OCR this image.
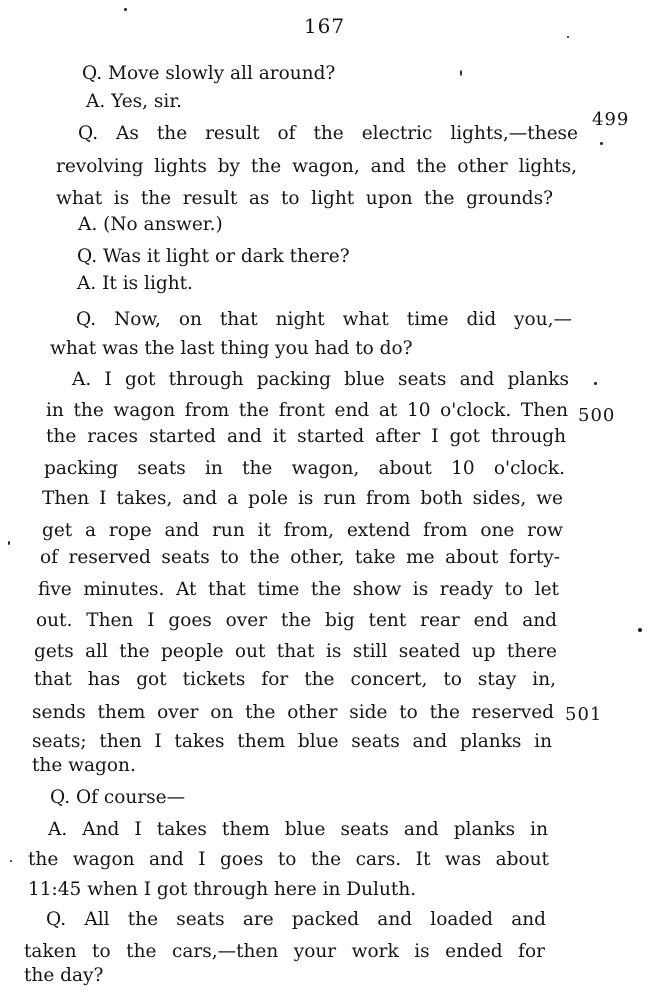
167
499
500
501
Q. Move slowly all around?
A. Yes, sir.
Q. As the result of the electric lights,—these
revolving lights by the wagon, and the other lights,
what is the result as to light upon the grounds?
A. (No answer.)
Q. Was it light or dark there?
A. It is light.
Q. Now, on that night what time did you,—
what was the last thing you had to do?
A. I got through packing blue seats and planks
in the wagon from the front end at 10 o'clock. Then
the races started and it started after I got through
packing seats in the wagon, about 10 o'clock.
Then I takes, and a pole is run from both sides, we
get a rope and run it from, extend from one row
of reserved seats to the other, take me about forty-
five minutes. At that time the show is ready to let
out. Then I goes over the big tent rear end and
gets all the people out that is still seated up there
that has got tickets for the concert, to stay in,
sends them over on the other side to the reserved
seats; then I takes them blue seats and planks in
the wagon.
Q. Of course—
A. And I takes them blue seats and planks in
the wagon and I goes to the cars. It was about
11:45 when I got through here in Duluth.
Q. All the seats are packed and loaded and
taken to the cars,—then your work is ended for
the day?
